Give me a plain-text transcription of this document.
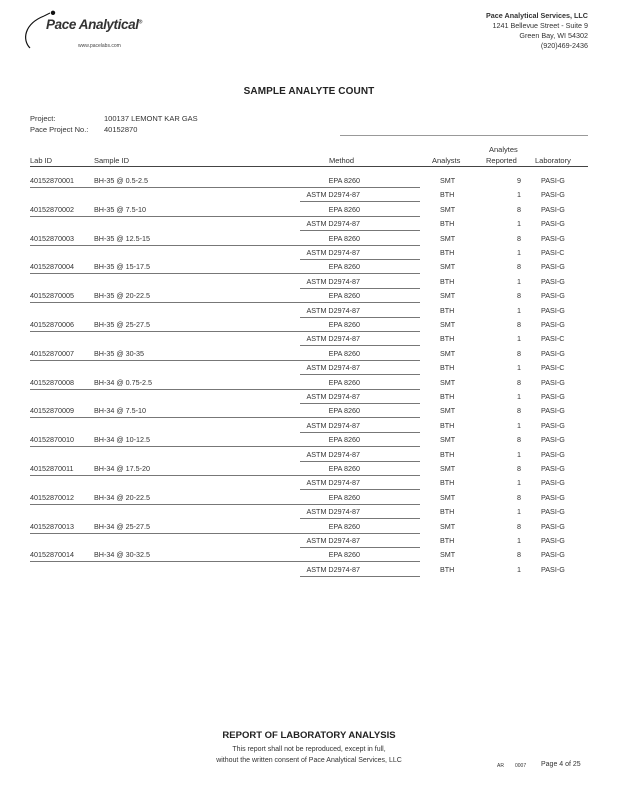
Pace Analytical®
www.pacelabs.com
Pace Analytical Services, LLC
1241 Bellevue Street - Suite 9
Green Bay, WI 54302
(920)469-2436
SAMPLE ANALYTE COUNT
Project:	100137 LEMONT KAR GAS
Pace Project No.: 40152870
Lab ID	Sample ID	Method	Analysts
Analytes
Reported Laboratory
40152870001	BH-35 @ 0.5-2.5	EPA 8260	SMT	9	PASI-G
ASTM D2974-87	BTH	1	PASI-G
40152870002	BH-35 @ 7.5-10	EPA 8260	SMT	8	PASI-G
ASTM D2974-87	BTH	1	PASI-G
40152870003	BH-35 @ 12.5-15	EPA 8260	SMT	8	PASI-G
ASTM D2974-87	BTH	1	PASI-C
40152870004	BH-35 @ 15-17.5	EPA 8260	SMT	8	PASI-G
ASTM D2974-87	BTH	1	PASI-G
40152870005	BH-35 @ 20-22.5	EPA 8260	SMT	8	PASI-G
ASTM D2974-87	BTH	1	PASI-G
40152870006	BH-35 @ 25-27.5	EPA 8260	SMT	8	PASI-G
ASTM D2974-87	BTH	1	PASI-C
40152870007	BH-35 @ 30-35	EPA 8260	SMT	8	PASI-G
ASTM D2974-87	BTH	1	PASI-C
40152870008	BH-34 @ 0.75-2.5	EPA 8260	SMT	8	PASI-G
ASTM D2974-87	BTH	1	PASI-G
40152870009	BH-34 @ 7.5-10	EPA 8260	SMT	8	PASI-G
ASTM D2974-87	BTH	1	PASI-G
40152870010	BH-34 @ 10-12.5	EPA 8260	SMT	8	PASI-G
ASTM D2974-87	BTH	1	PASI-G
40152870011	BH-34 @ 17.5-20	EPA 8260	SMT	8	PASI-G
ASTM D2974-87	BTH	1	PASI-G
40152870012	BH-34 @ 20-22.5	EPA 8260	SMT	8	PASI-G
ASTM D2974-87	BTH	1	PASI-G
40152870013	BH-34 @ 25-27.5	EPA 8260	SMT	8	PASI-G
ASTM D2974-87	BTH	1	PASI-G
40152870014	BH-34 @ 30-32.5	EPA 8260	SMT	8	PASI-G
ASTM D2974-87	BTH	1	PASI-G
REPORT OF LABORATORY ANALYSIS
This report shall not be reproduced, except in full,
without the written consent of Pace Analytical Services, LLC
AR 0007 Page 4 of 25
